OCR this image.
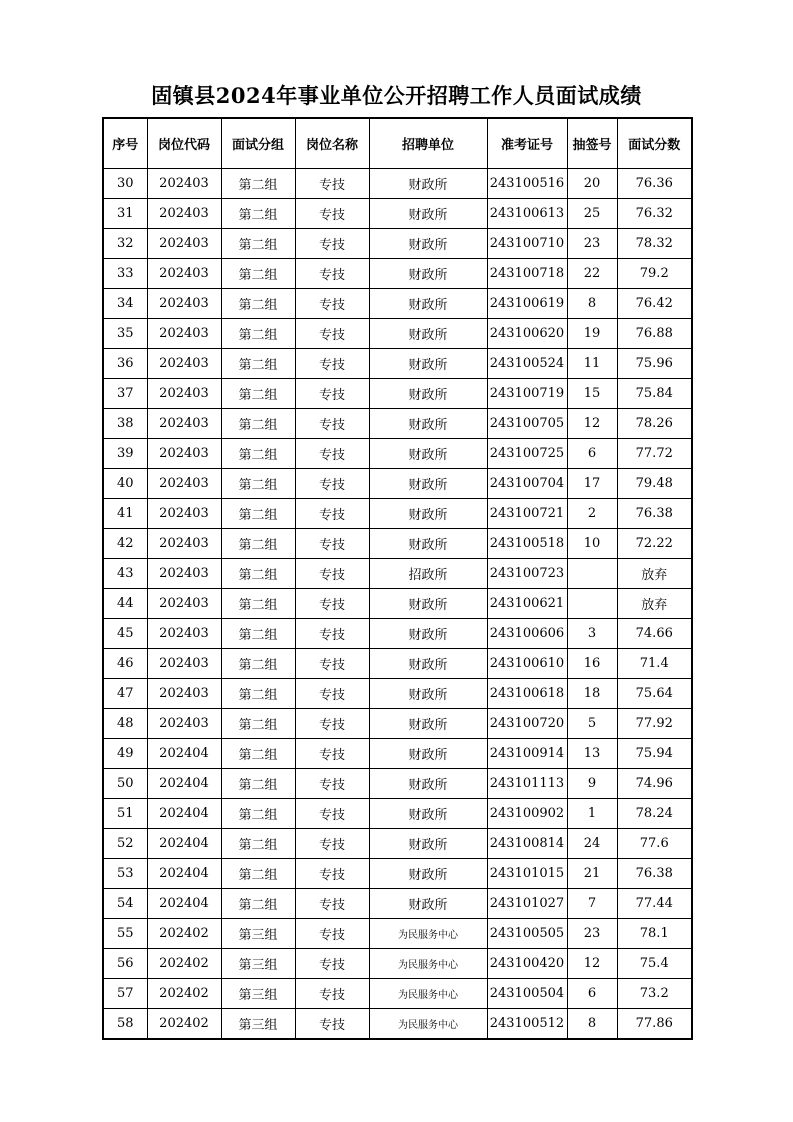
固镇县2024年事业单位公开招聘工作人员面试成绩
序号	岗位代码	面试分组	岗位名称	招聘单位	准考证号	抽签号	面试分数
30	202403	第二组	专技	财政所	243100516	20	76.36
31	202403	第二组	专技	财政所	243100613	25	76.32
32	202403	第二组	专技	财政所	243100710	23	78.32
33	202403	第二组	专技	财政所	243100718	22	79.2
34	202403	第二组	专技	财政所	243100619	8	76.42
35	202403	第二组	专技	财政所	243100620	19	76.88
36	202403	第二组	专技	财政所	243100524	11	75.96
37	202403	第二组	专技	财政所	243100719	15	75.84
38	202403	第二组	专技	财政所	243100705	12	78.26
39	202403	第二组	专技	财政所	243100725	6	77.72
40	202403	第二组	专技	财政所	243100704	17	79.48
41	202403	第二组	专技	财政所	243100721	2	76.38
42	202403	第二组	专技	财政所	243100518	10	72.22
43	202403	第二组	专技	招政所	243100723		放弃
44	202403	第二组	专技	财政所	243100621		放弃
45	202403	第二组	专技	财政所	243100606	3	74.66
46	202403	第二组	专技	财政所	243100610	16	71.4
47	202403	第二组	专技	财政所	243100618	18	75.64
48	202403	第二组	专技	财政所	243100720	5	77.92
49	202404	第二组	专技	财政所	243100914	13	75.94
50	202404	第二组	专技	财政所	243101113	9	74.96
51	202404	第二组	专技	财政所	243100902	1	78.24
52	202404	第二组	专技	财政所	243100814	24	77.6
53	202404	第二组	专技	财政所	243101015	21	76.38
54	202404	第二组	专技	财政所	243101027	7	77.44
55	202402	第三组	专技	为民服务中心	243100505	23	78.1
56	202402	第三组	专技	为民服务中心	243100420	12	75.4
57	202402	第三组	专技	为民服务中心	243100504	6	73.2
58	202402	第三组	专技	为民服务中心	243100512	8	77.86
